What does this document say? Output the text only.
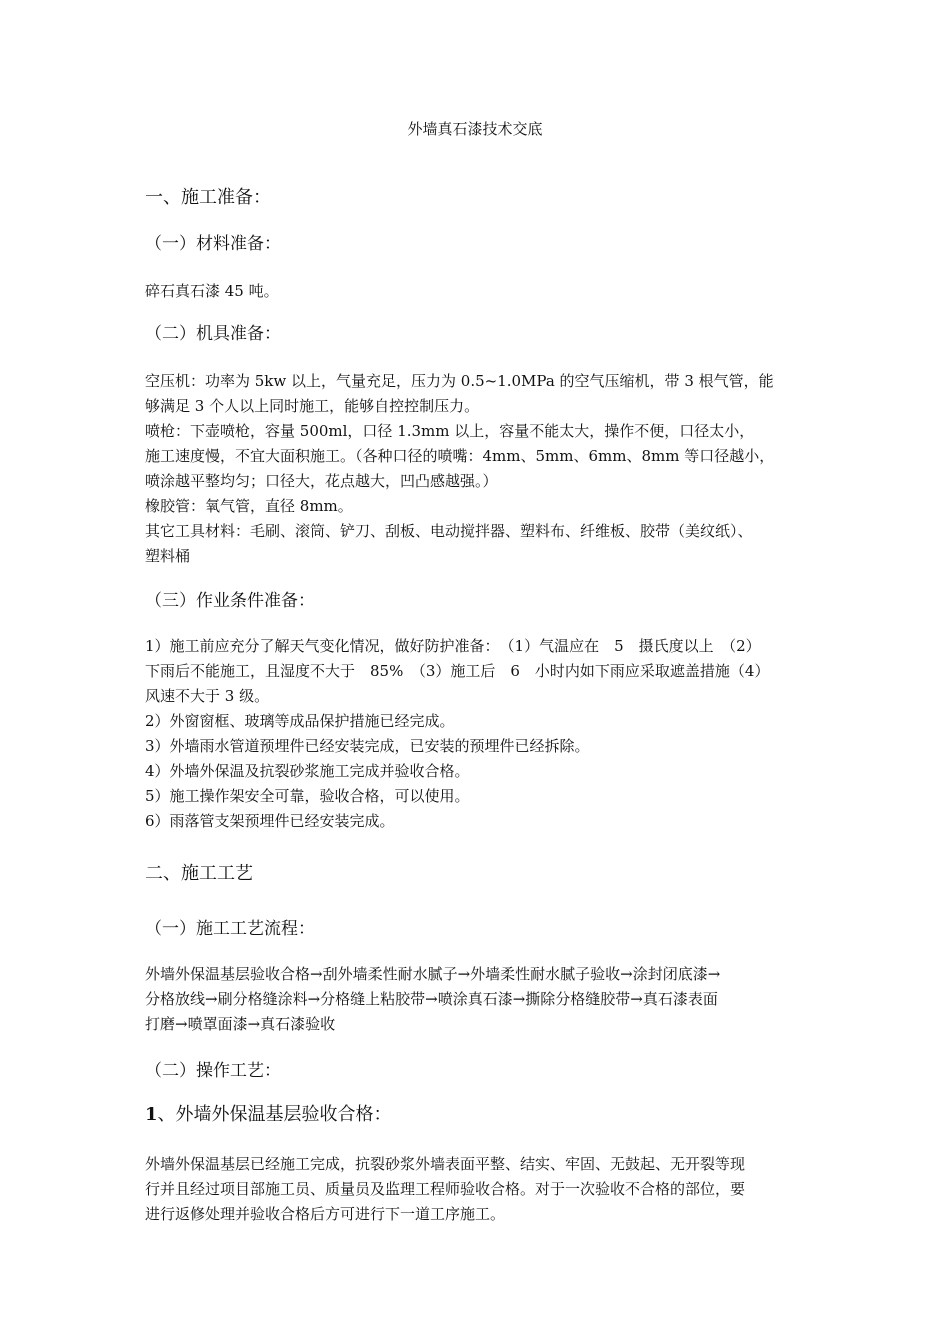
外墙真石漆技术交底
一、施工准备：
（一）材料准备：

碎石真石漆 45 吨。

（二）机具准备：

空压机：功率为 5kw 以上，气量充足，压力为 0.5~1.0MPa 的空气压缩机，带 3 根气管，能

够满足 3 个人以上同时施工，能够自控控制压力。

喷枪：下壶喷枪，容量 500ml，口径 1.3mm 以上，容量不能太大，操作不便，口径太小，

施工速度慢，不宜大面积施工。（各种口径的喷嘴：4mm、5mm、6mm、8mm 等口径越小，

喷涂越平整均匀；口径大，花点越大，凹凸感越强。）

橡胶管：氧气管，直径 8mm。

其它工具材料：毛刷、滚筒、铲刀、刮板、电动搅拌器、塑料布、纤维板、胶带（美纹纸）、

塑料桶

（三）作业条件准备：

1）施工前应充分了解天气变化情况，做好防护准备：　（1）气温应在　5　摄氏度以上　（2）

下雨后不能施工，且湿度不大于　85%　（3）施工后　6　小时内如下雨应采取遮盖措施（4）

风速不大于 3 级。

2）外窗窗框、玻璃等成品保护措施已经完成。

3）外墙雨水管道预埋件已经安装完成，已安装的预埋件已经拆除。

4）外墙外保温及抗裂砂浆施工完成并验收合格。

5）施工操作架安全可靠，验收合格，可以使用。

6）雨落管支架预埋件已经安装完成。

二、施工工艺
（一）施工工艺流程：

外墙外保温基层验收合格→刮外墙柔性耐水腻子→外墙柔性耐水腻子验收→涂封闭底漆→

分格放线→刷分格缝涂料→分格缝上粘胶带→喷涂真石漆→撕除分格缝胶带→真石漆表面

打磨→喷罩面漆→真石漆验收

（二）操作工艺：
1、外墙外保温基层验收合格：

外墙外保温基层已经施工完成，抗裂砂浆外墙表面平整、结实、牢固、无鼓起、无开裂等现

行并且经过项目部施工员、质量员及监理工程师验收合格。对于一次验收不合格的部位，要

进行返修处理并验收合格后方可进行下一道工序施工。
